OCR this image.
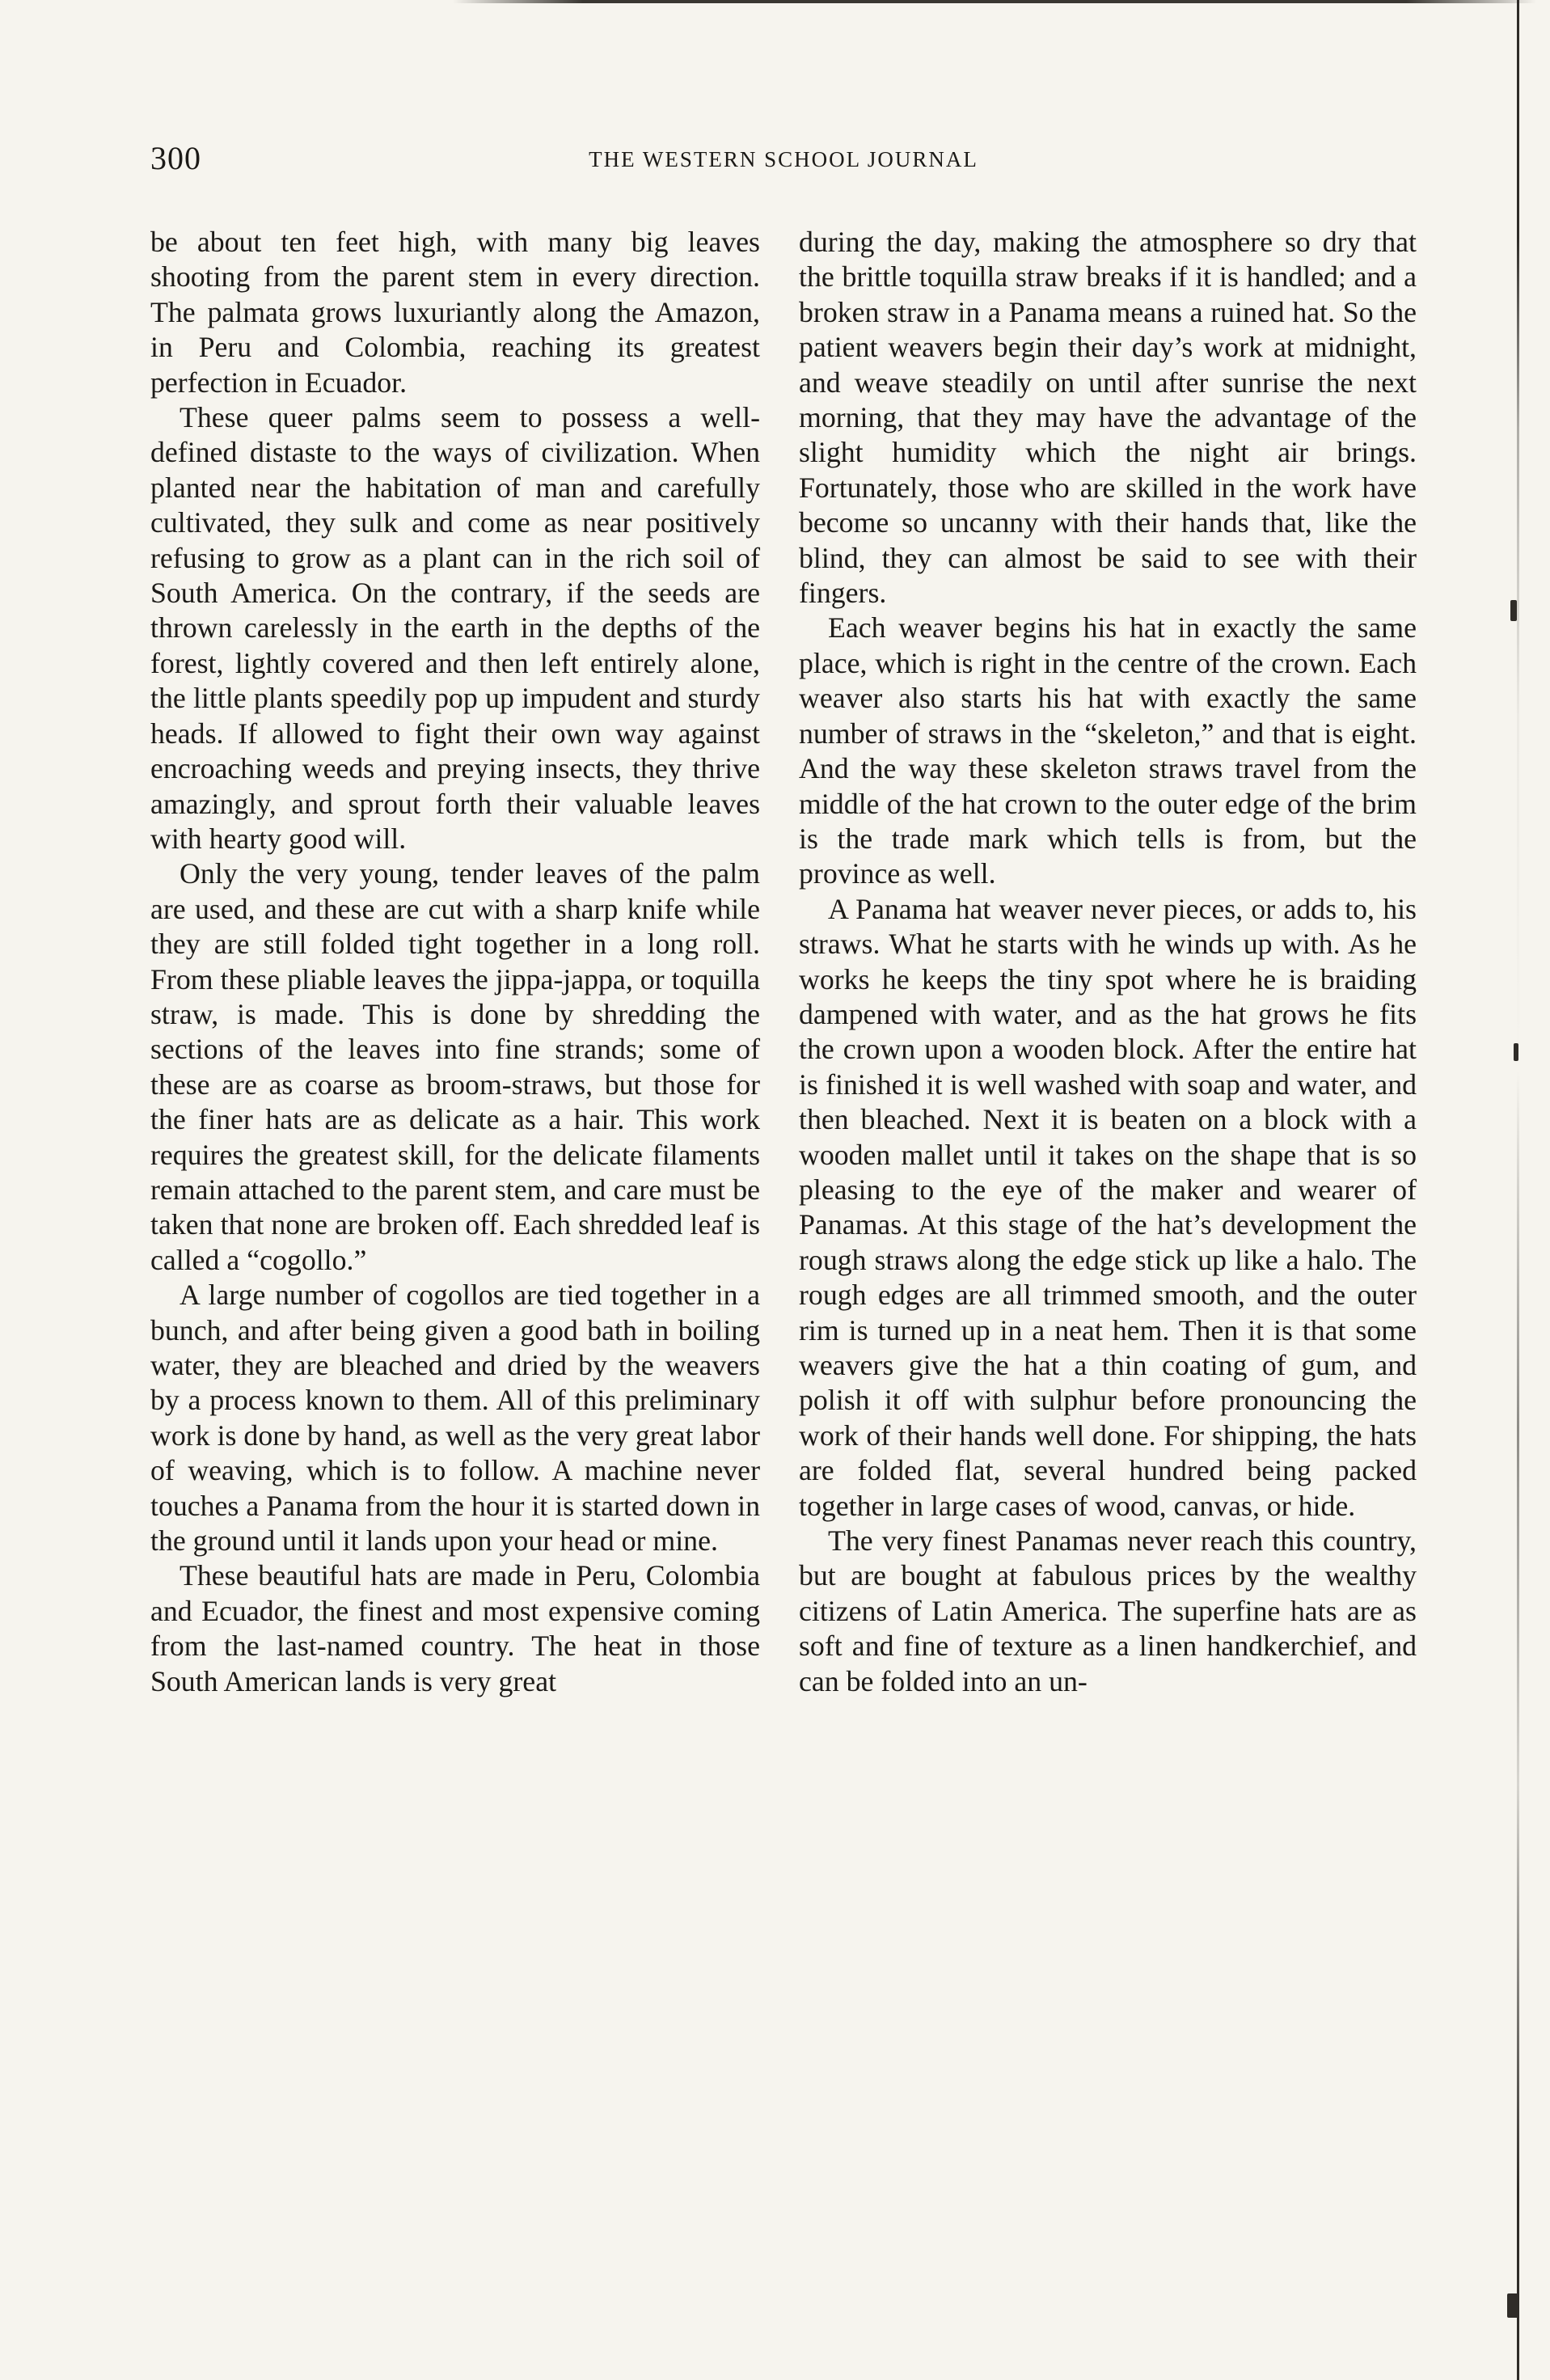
300	THE WESTERN SCHOOL JOURNAL

be about ten feet high, with many big leaves shooting from the parent stem in every direction. The palmata grows luxuriantly along the Amazon, in Peru and Colombia, reaching its greatest perfection in Ecuador.

These queer palms seem to possess a well-defined distaste to the ways of civilization. When planted near the habitation of man and carefully cultivated, they sulk and come as near positively refusing to grow as a plant can in the rich soil of South America. On the contrary, if the seeds are thrown carelessly in the earth in the depths of the forest, lightly covered and then left entirely alone, the little plants speedily pop up impudent and sturdy heads. If allowed to fight their own way against encroaching weeds and preying insects, they thrive amazingly, and sprout forth their valuable leaves with hearty good will.

Only the very young, tender leaves of the palm are used, and these are cut with a sharp knife while they are still folded tight together in a long roll. From these pliable leaves the jippa-jappa, or toquilla straw, is made. This is done by shredding the sections of the leaves into fine strands; some of these are as coarse as broom-straws, but those for the finer hats are as delicate as a hair. This work requires the greatest skill, for the delicate filaments remain attached to the parent stem, and care must be taken that none are broken off. Each shredded leaf is called a “cogollo.”

A large number of cogollos are tied together in a bunch, and after being given a good bath in boiling water, they are bleached and dried by the weavers by a process known to them. All of this preliminary work is done by hand, as well as the very great labor of weaving, which is to follow. A machine never touches a Panama from the hour it is started down in the ground until it lands upon your head or mine.

These beautiful hats are made in Peru, Colombia and Ecuador, the finest and most expensive coming from the last-named country. The heat in those South American lands is very great

during the day, making the atmosphere so dry that the brittle toquilla straw breaks if it is handled; and a broken straw in a Panama means a ruined hat. So the patient weavers begin their day’s work at midnight, and weave steadily on until after sunrise the next morning, that they may have the advantage of the slight humidity which the night air brings. Fortunately, those who are skilled in the work have become so uncanny with their hands that, like the blind, they can almost be said to see with their fingers.

Each weaver begins his hat in exactly the same place, which is right in the centre of the crown. Each weaver also starts his hat with exactly the same number of straws in the “skeleton,” and that is eight. And the way these skeleton straws travel from the middle of the hat crown to the outer edge of the brim is the trade mark which tells is from, but the province as well.

A Panama hat weaver never pieces, or adds to, his straws. What he starts with he winds up with. As he works he keeps the tiny spot where he is braiding dampened with water, and as the hat grows he fits the crown upon a wooden block. After the entire hat is finished it is well washed with soap and water, and then bleached. Next it is beaten on a block with a wooden mallet until it takes on the shape that is so pleasing to the eye of the maker and wearer of Panamas. At this stage of the hat’s development the rough straws along the edge stick up like a halo. The rough edges are all trimmed smooth, and the outer rim is turned up in a neat hem. Then it is that some weavers give the hat a thin coating of gum, and polish it off with sulphur before pronouncing the work of their hands well done. For shipping, the hats are folded flat, several hundred being packed together in large cases of wood, canvas, or hide.

The very finest Panamas never reach this country, but are bought at fabulous prices by the wealthy citizens of Latin America. The superfine hats are as soft and fine of texture as a linen handkerchief, and can be folded into an un-
